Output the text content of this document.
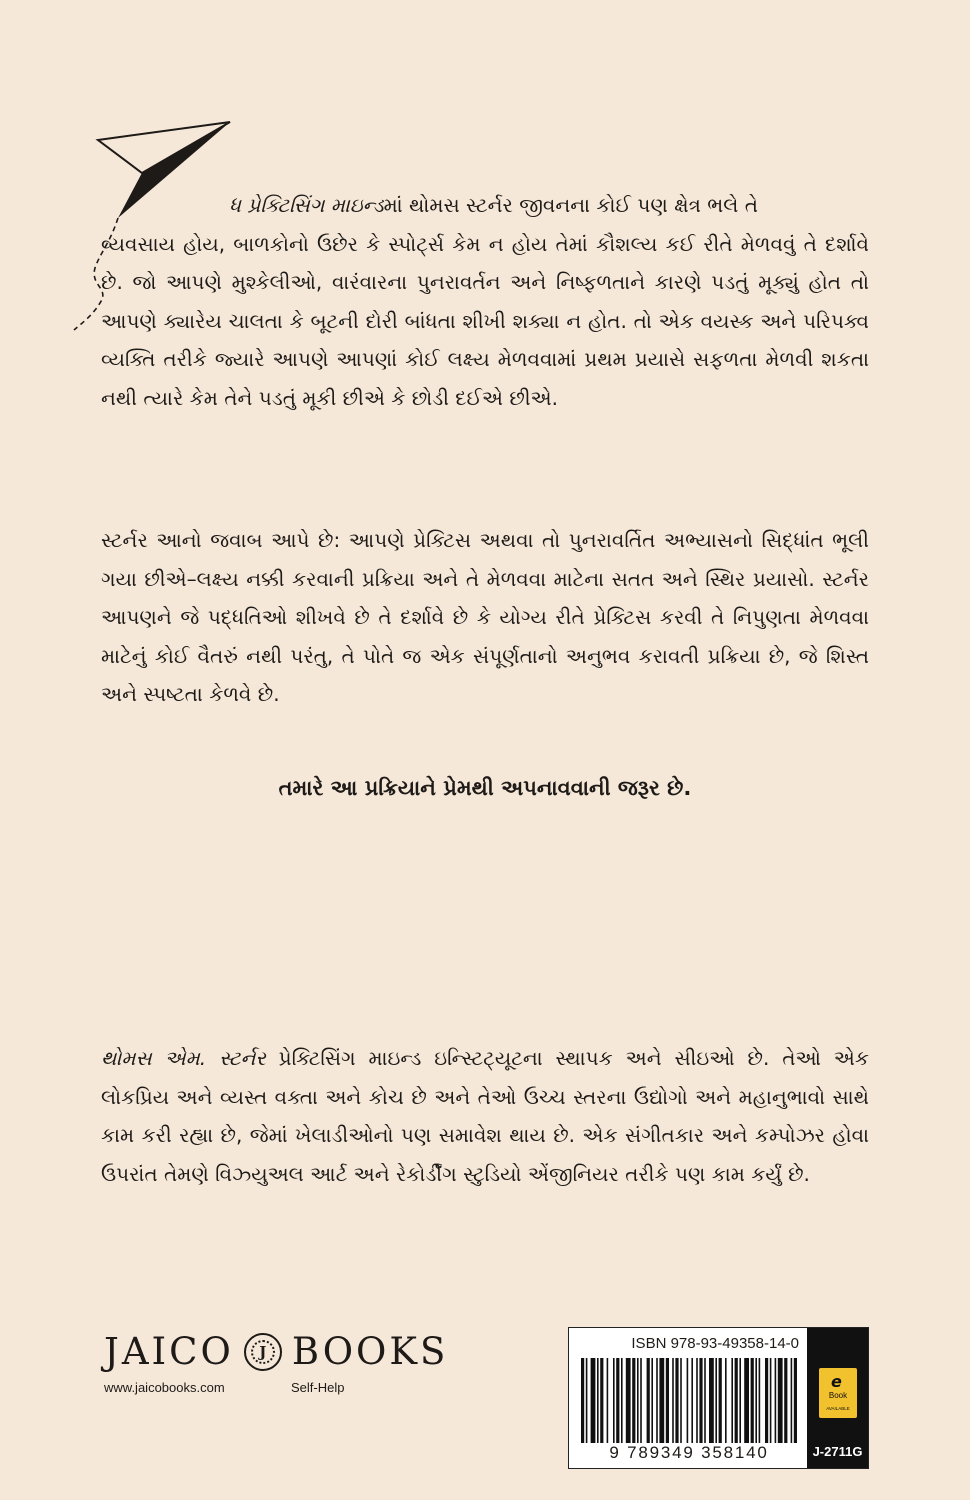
ધ પ્રેક્ટિસિંગ માઇન્ડમાં થોમસ સ્ટર્નર જીવનના કોઈ પણ ક્ષેત્ર ભલે તે
વ્યવસાય હોય, બાળકોનો ઉછેર કે સ્પોર્ટ્સ કેમ ન હોય તેમાં કૌશલ્ય કઈ રીતે મેળવવું તે દર્શાવે છે. જો આપણે મુશ્કેલીઓ, વારંવારના પુનરાવર્તન અને નિષ્ફળતાને કારણે પડતું મૂક્યું હોત તો આપણે ક્યારેય ચાલતા કે બૂટની દોરી બાંધતા શીખી શક્યા ન હોત. તો એક વયસ્ક અને પરિપક્વ વ્યક્તિ તરીકે જ્યારે આપણે આપણાં કોઈ લક્ષ્ય મેળવવામાં પ્રથમ પ્રયાસે સફળતા મેળવી શકતા નથી ત્યારે કેમ તેને પડતું મૂકી છીએ કે છોડી દઈએ છીએ.

સ્ટર્નર આનો જવાબ આપે છે: આપણે પ્રેક્ટિસ અથવા તો પુનરાવર્તિત અભ્યાસનો સિદ્ધાંત ભૂલી ગયા છીએ–લક્ષ્ય નક્કી કરવાની પ્રક્રિયા અને તે મેળવવા માટેના સતત અને સ્થિર પ્રયાસો. સ્ટર્નર આપણને જે પદ્ધતિઓ શીખવે છે તે દર્શાવે છે કે યોગ્ય રીતે પ્રેક્ટિસ કરવી તે નિપુણતા મેળવવા માટેનું કોઈ વૈતરું નથી પરંતુ, તે પોતે જ એક સંપૂર્ણતાનો અનુભવ કરાવતી પ્રક્રિયા છે, જે શિસ્ત અને સ્પષ્ટતા કેળવે છે.

તમારે આ પ્રક્રિયાને પ્રેમથી અપનાવવાની જરૂર છે.

થોમસ એમ. સ્ટર્નર પ્રેક્ટિસિંગ માઇન્ડ ઇન્સ્ટિટ્યૂટના સ્થાપક અને સીઇઓ છે. તેઓ એક લોકપ્રિય અને વ્યસ્ત વક્તા અને કોચ છે અને તેઓ ઉચ્ચ સ્તરના ઉદ્યોગો અને મહાનુભાવો સાથે કામ કરી રહ્યા છે, જેમાં ખેલાડીઓનો પણ સમાવેશ થાય છે. એક સંગીતકાર અને કમ્પોઝર હોવા ઉપરાંત તેમણે વિઝ્યુઅલ આર્ટ અને રેકોર્ડીંગ સ્ટુડિયો એંજીનિયર તરીકે પણ કામ કર્યું છે.

JAICO	J BOOKS
www.jaicobooks.com	Self-Help
ISBN 978-93-49358-14-0
9 789349 358140
e
Book
AVAILABLE
J-2711G
